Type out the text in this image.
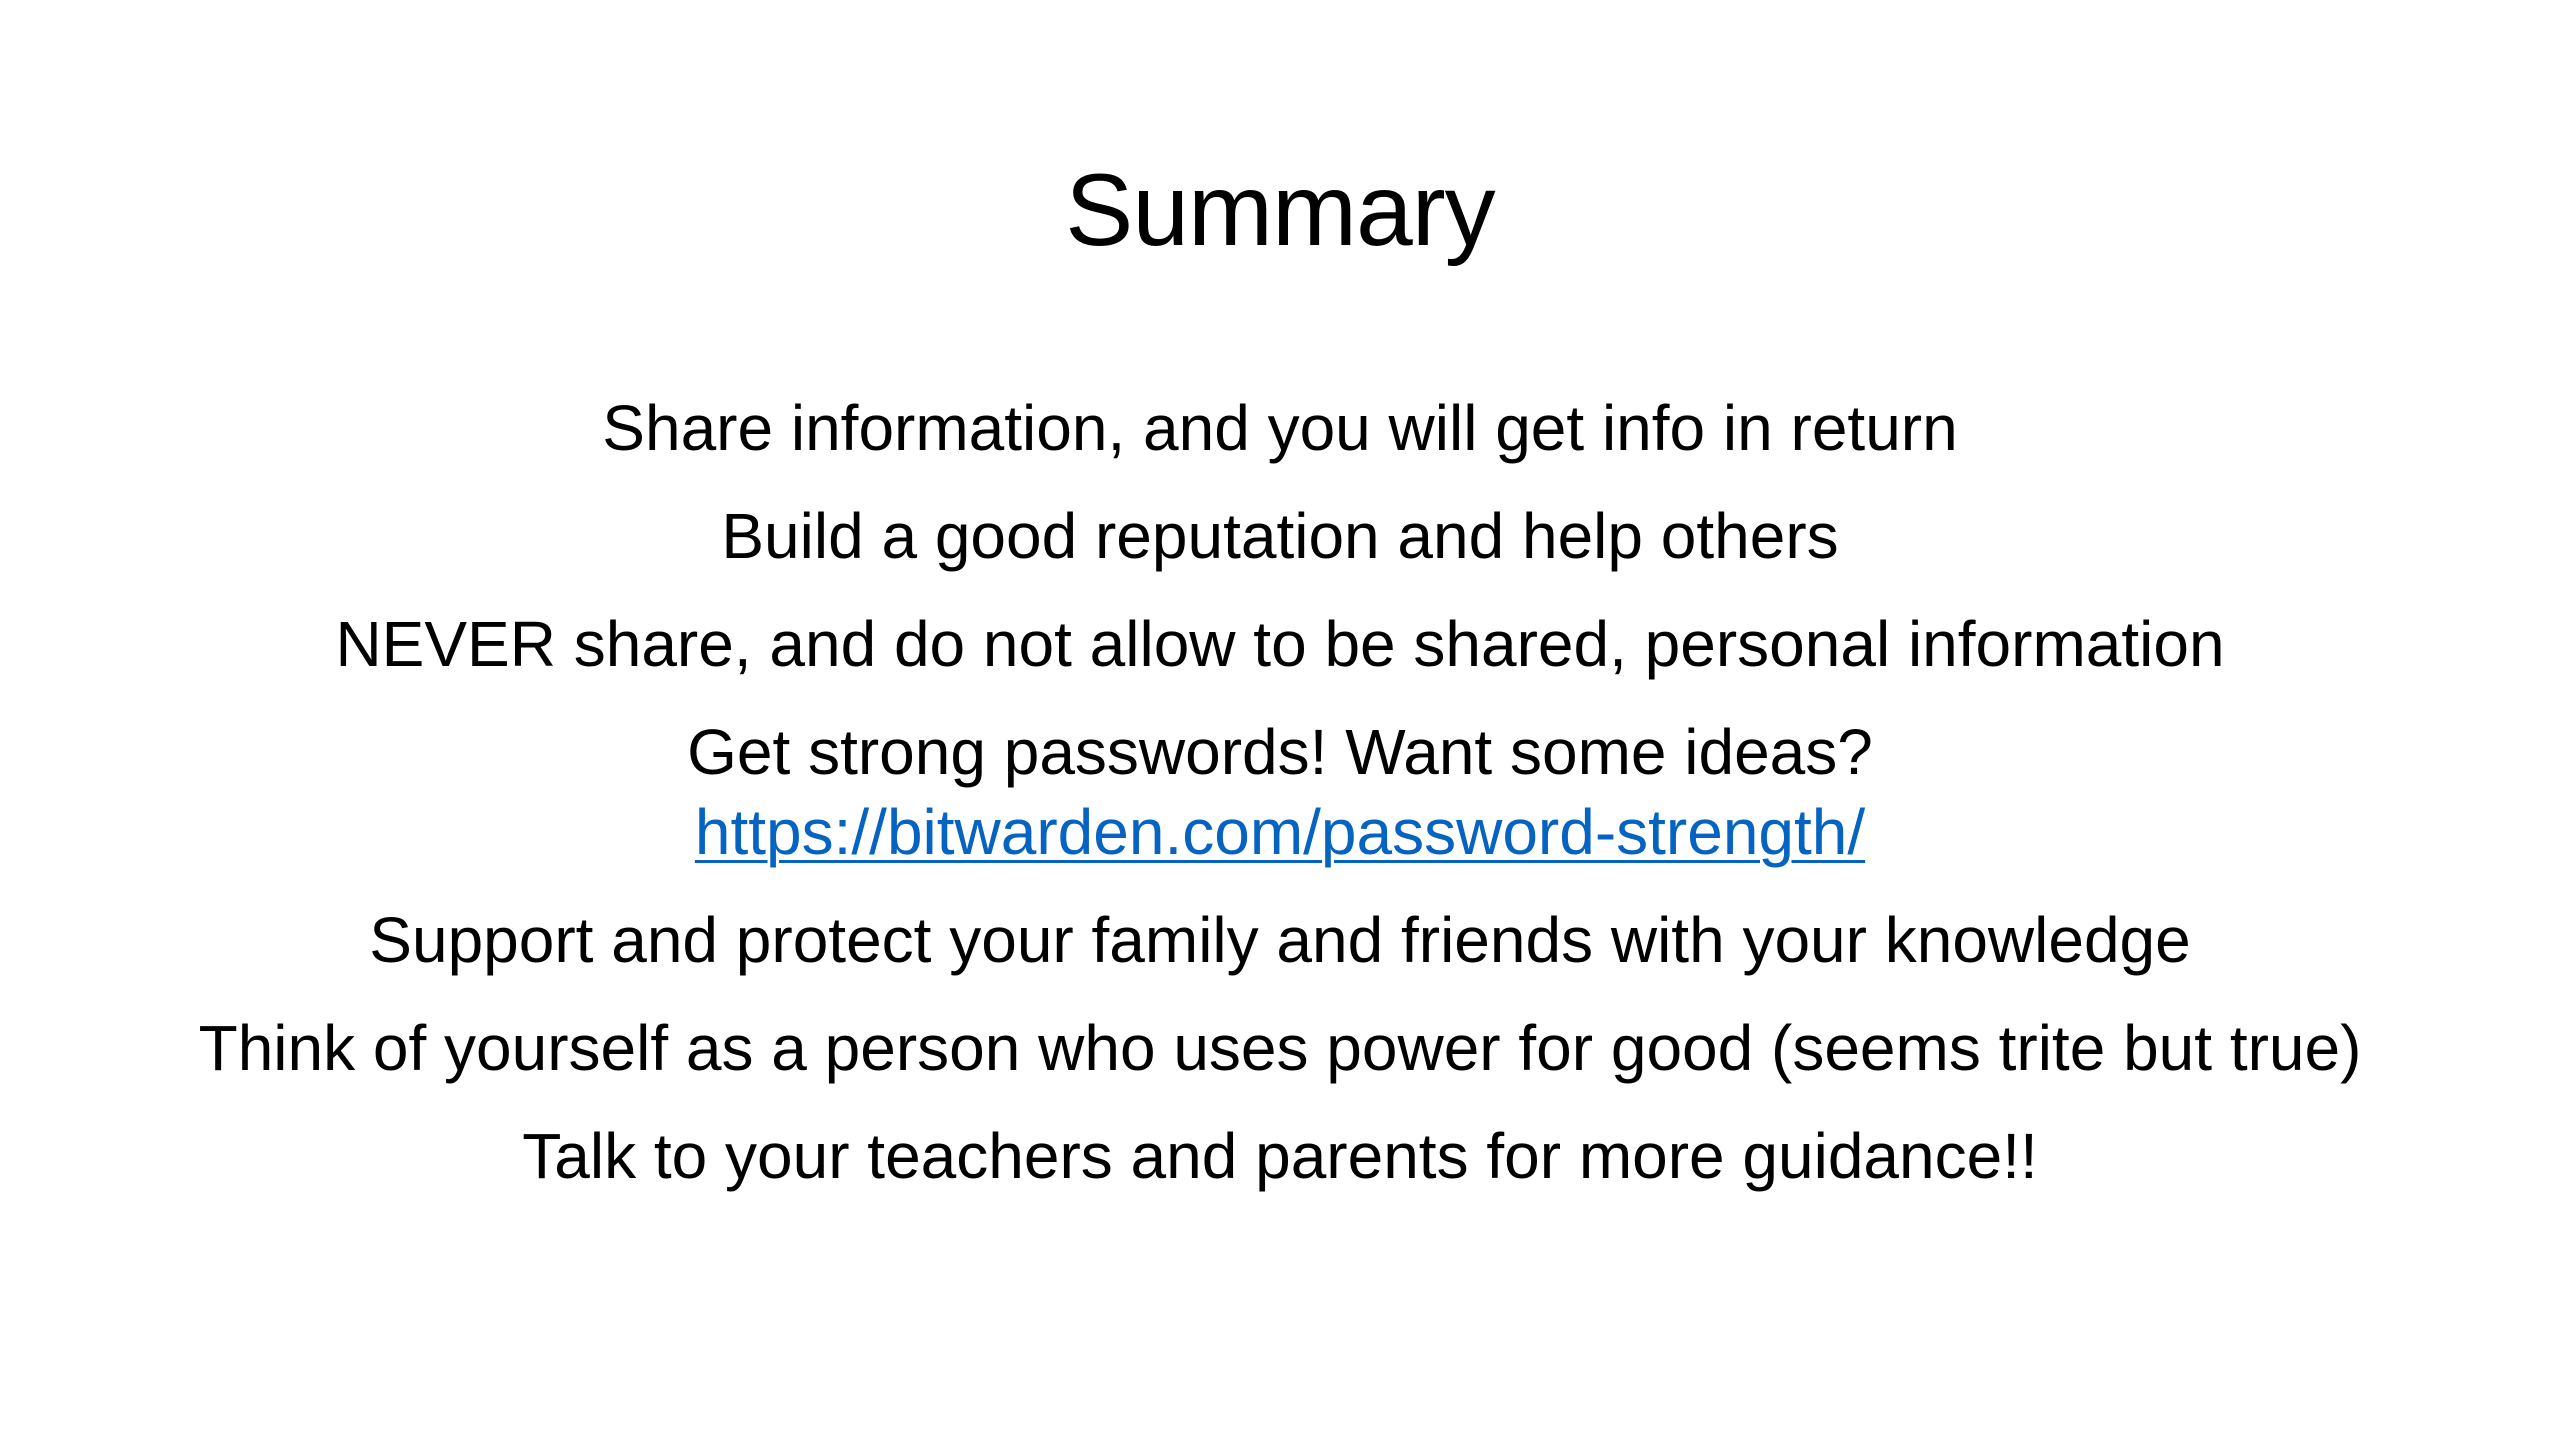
Summary

Share information, and you will get info in return

Build a good reputation and help others

NEVER share, and do not allow to be shared, personal information

Get strong passwords! Want some ideas?
https://bitwarden.com/password-strength/

Support and protect your family and friends with your knowledge

Think of yourself as a person who uses power for good (seems trite but true)

Talk to your teachers and parents for more guidance!!
